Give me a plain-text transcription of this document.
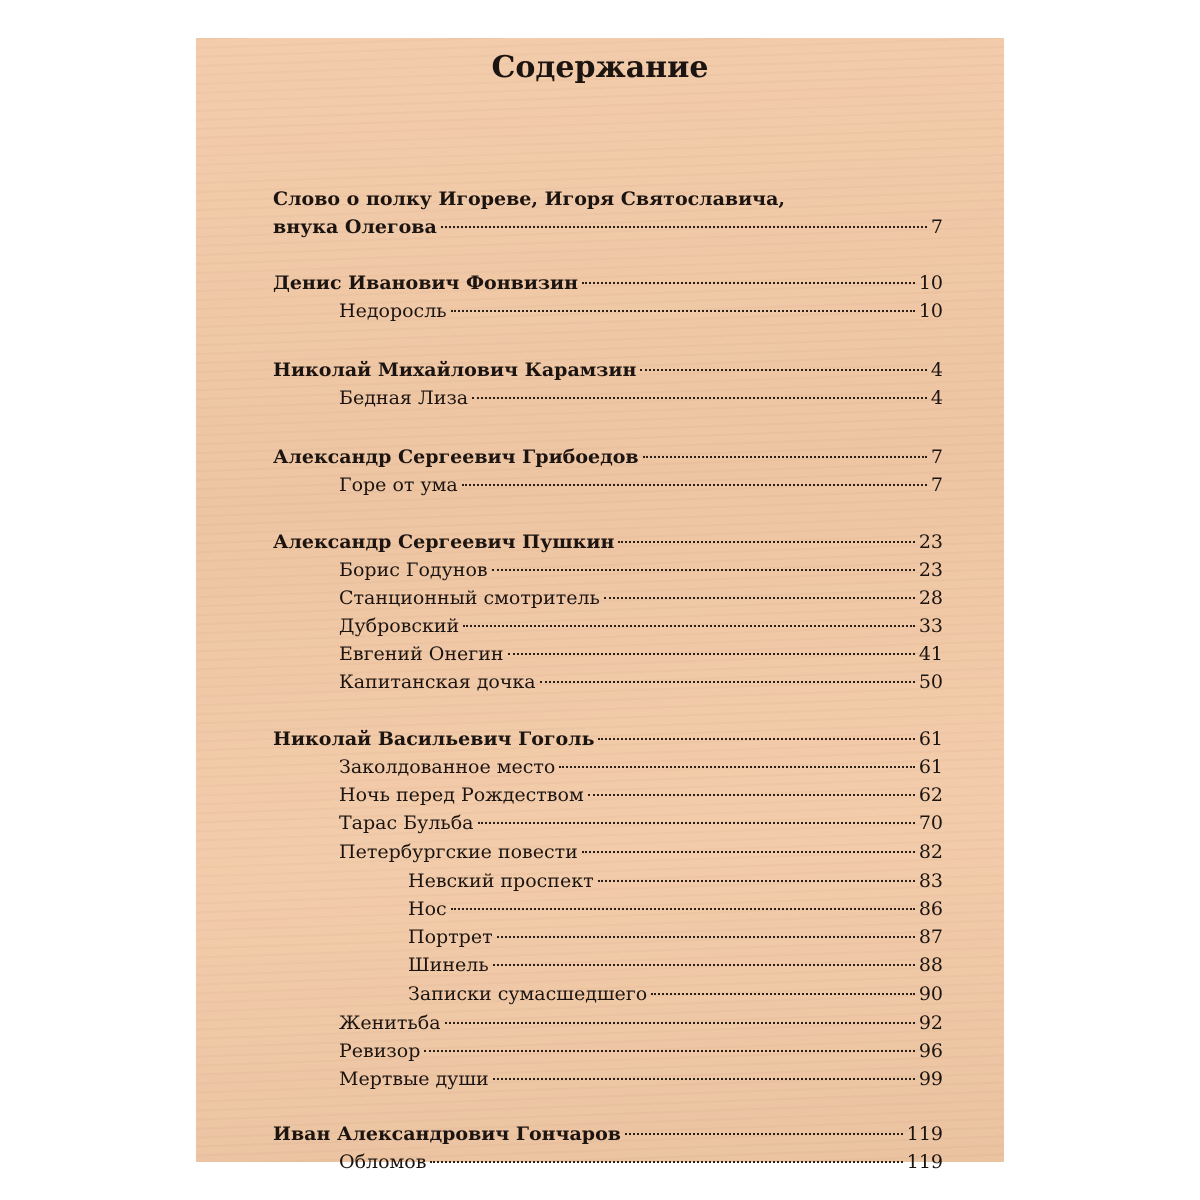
Содержание
Слово о полку Игореве, Игоря Святославича,
внука Олегова	7
Денис Иванович Фонвизин	10
Недоросль	10
Николай Михайлович Карамзин	4
Бедная Лиза	4
Александр Сергеевич Грибоедов	7
Горе от ума	7
Александр Сергеевич Пушкин	23
Борис Годунов	23
Станционный смотритель	28
Дубровский	33
Евгений Онегин	41
Капитанская дочка	50
Николай Васильевич Гоголь	61
Заколдованное место	61
Ночь перед Рождеством	62
Тарас Бульба	70
Петербургские повести	82
Невский проспект	83
Нос	86
Портрет	87
Шинель	88
Записки сумасшедшего	90
Женитьба	92
Ревизор	96
Мертвые души	99
Иван Александрович Гончаров	119
Обломов	119
